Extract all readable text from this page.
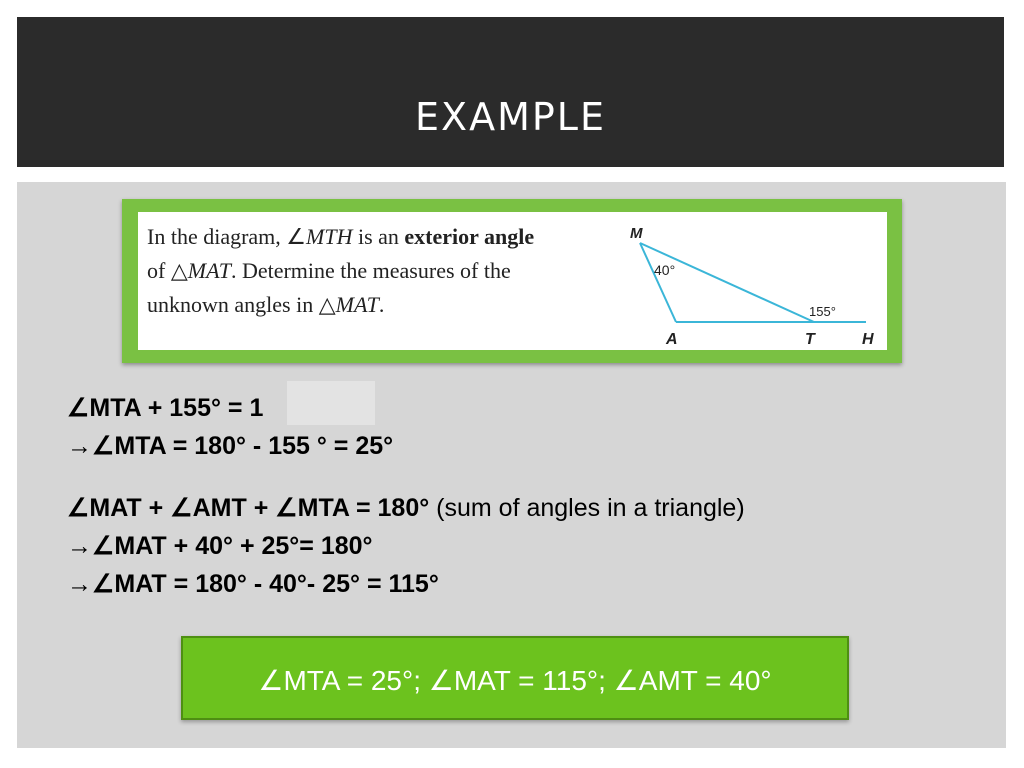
EXAMPLE
In the diagram, ∠MTH is an exterior angle
of △MAT. Determine the measures of the
unknown angles in △MAT.
M
40°
155°
A	T	H
∠MTA + 155° = 1
→∠MTA = 180° - 155 ° = 25°
∠MAT + ∠AMT + ∠MTA = 180° (sum of angles in a triangle)
→∠MAT + 40° + 25°= 180°
→∠MAT = 180° - 40°- 25° = 115°
∠MTA = 25°; ∠MAT = 115°; ∠AMT = 40°
